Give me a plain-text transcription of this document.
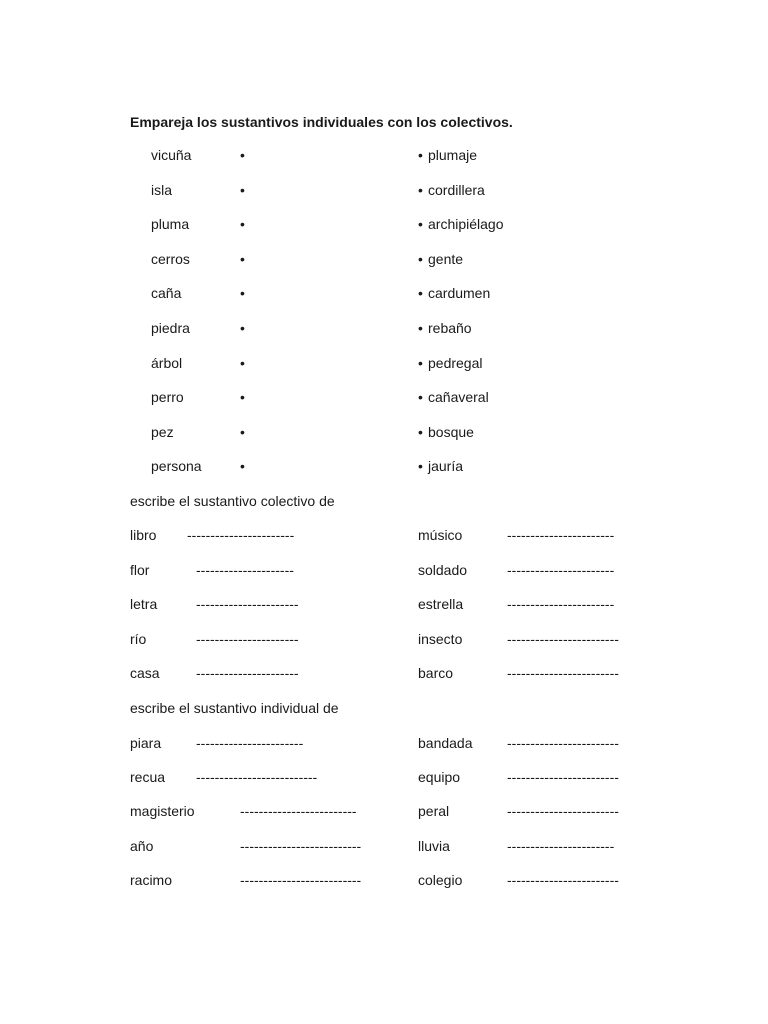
Empareja los sustantivos individuales con los colectivos.
vicuña	•	• plumaje
isla	•	• cordillera
pluma	•	• archipiélago
cerros	•	• gente
caña	•	• cardumen
piedra	•	• rebaño
árbol	•	• pedregal
perro	•	• cañaveral
pez	•	• bosque
persona	•	• jauría
escribe el sustantivo colectivo de
libro -----------------------	músico	-----------------------
flor	---------------------	soldado	-----------------------
letra	----------------------	estrella	-----------------------
río	----------------------	insecto	------------------------
casa	----------------------	barco	------------------------
escribe el sustantivo individual de
piara -----------------------	bandada ------------------------
recua --------------------------	equipo	------------------------
magisterio	-------------------------	peral	------------------------
año	--------------------------	lluvia	-----------------------
racimo	--------------------------	colegio	------------------------
